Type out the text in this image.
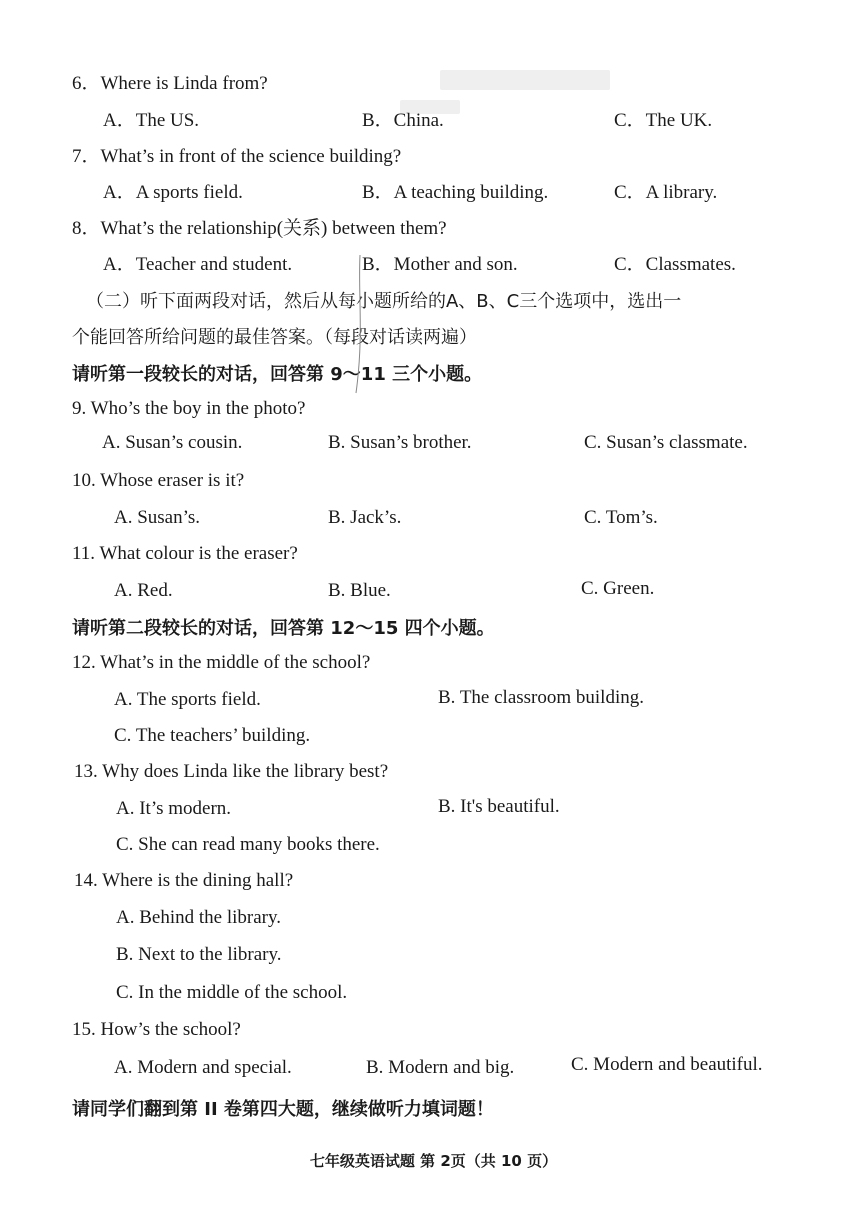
6．Where is Linda from?
A．The US.	B．China.	C．The UK.
7．What’s in front of the science building?
A．A sports field.	B．A teaching building.	C．A library.
8．What’s the relationship(关系) between them?
A．Teacher and student.	B．Mother and son.	C．Classmates.
（二）听下面两段对话，然后从每小题所给的A、B、C三个选项中，选出一
个能回答所给问题的最佳答案。（每段对话读两遍）
请听第一段较长的对话，回答第 9～11 三个小题。
9. Who’s the boy in the photo?
A. Susan’s cousin.	B. Susan’s brother.	C. Susan’s classmate.
10. Whose eraser is it?
A. Susan’s.	B. Jack’s.	C. Tom’s.
11. What colour is the eraser?
A. Red.	B. Blue.	C. Green.
请听第二段较长的对话，回答第 12～15 四个小题。
12. What’s in the middle of the school?
A. The sports field.	B. The classroom building.
C. The teachers’ building.
13. Why does Linda like the library best?
A. It’s modern.	B. It's beautiful.
C. She can read many books there.
14. Where is the dining hall?
A. Behind the library.
B. Next to the library.
C. In the middle of the school.
15. How’s the school?
A. Modern and special.	B. Modern and big.	C. Modern and beautiful.
请同学们翻到第 II 卷第四大题，继续做听力填词题！
七年级英语试题 第 2页（共 10 页）
